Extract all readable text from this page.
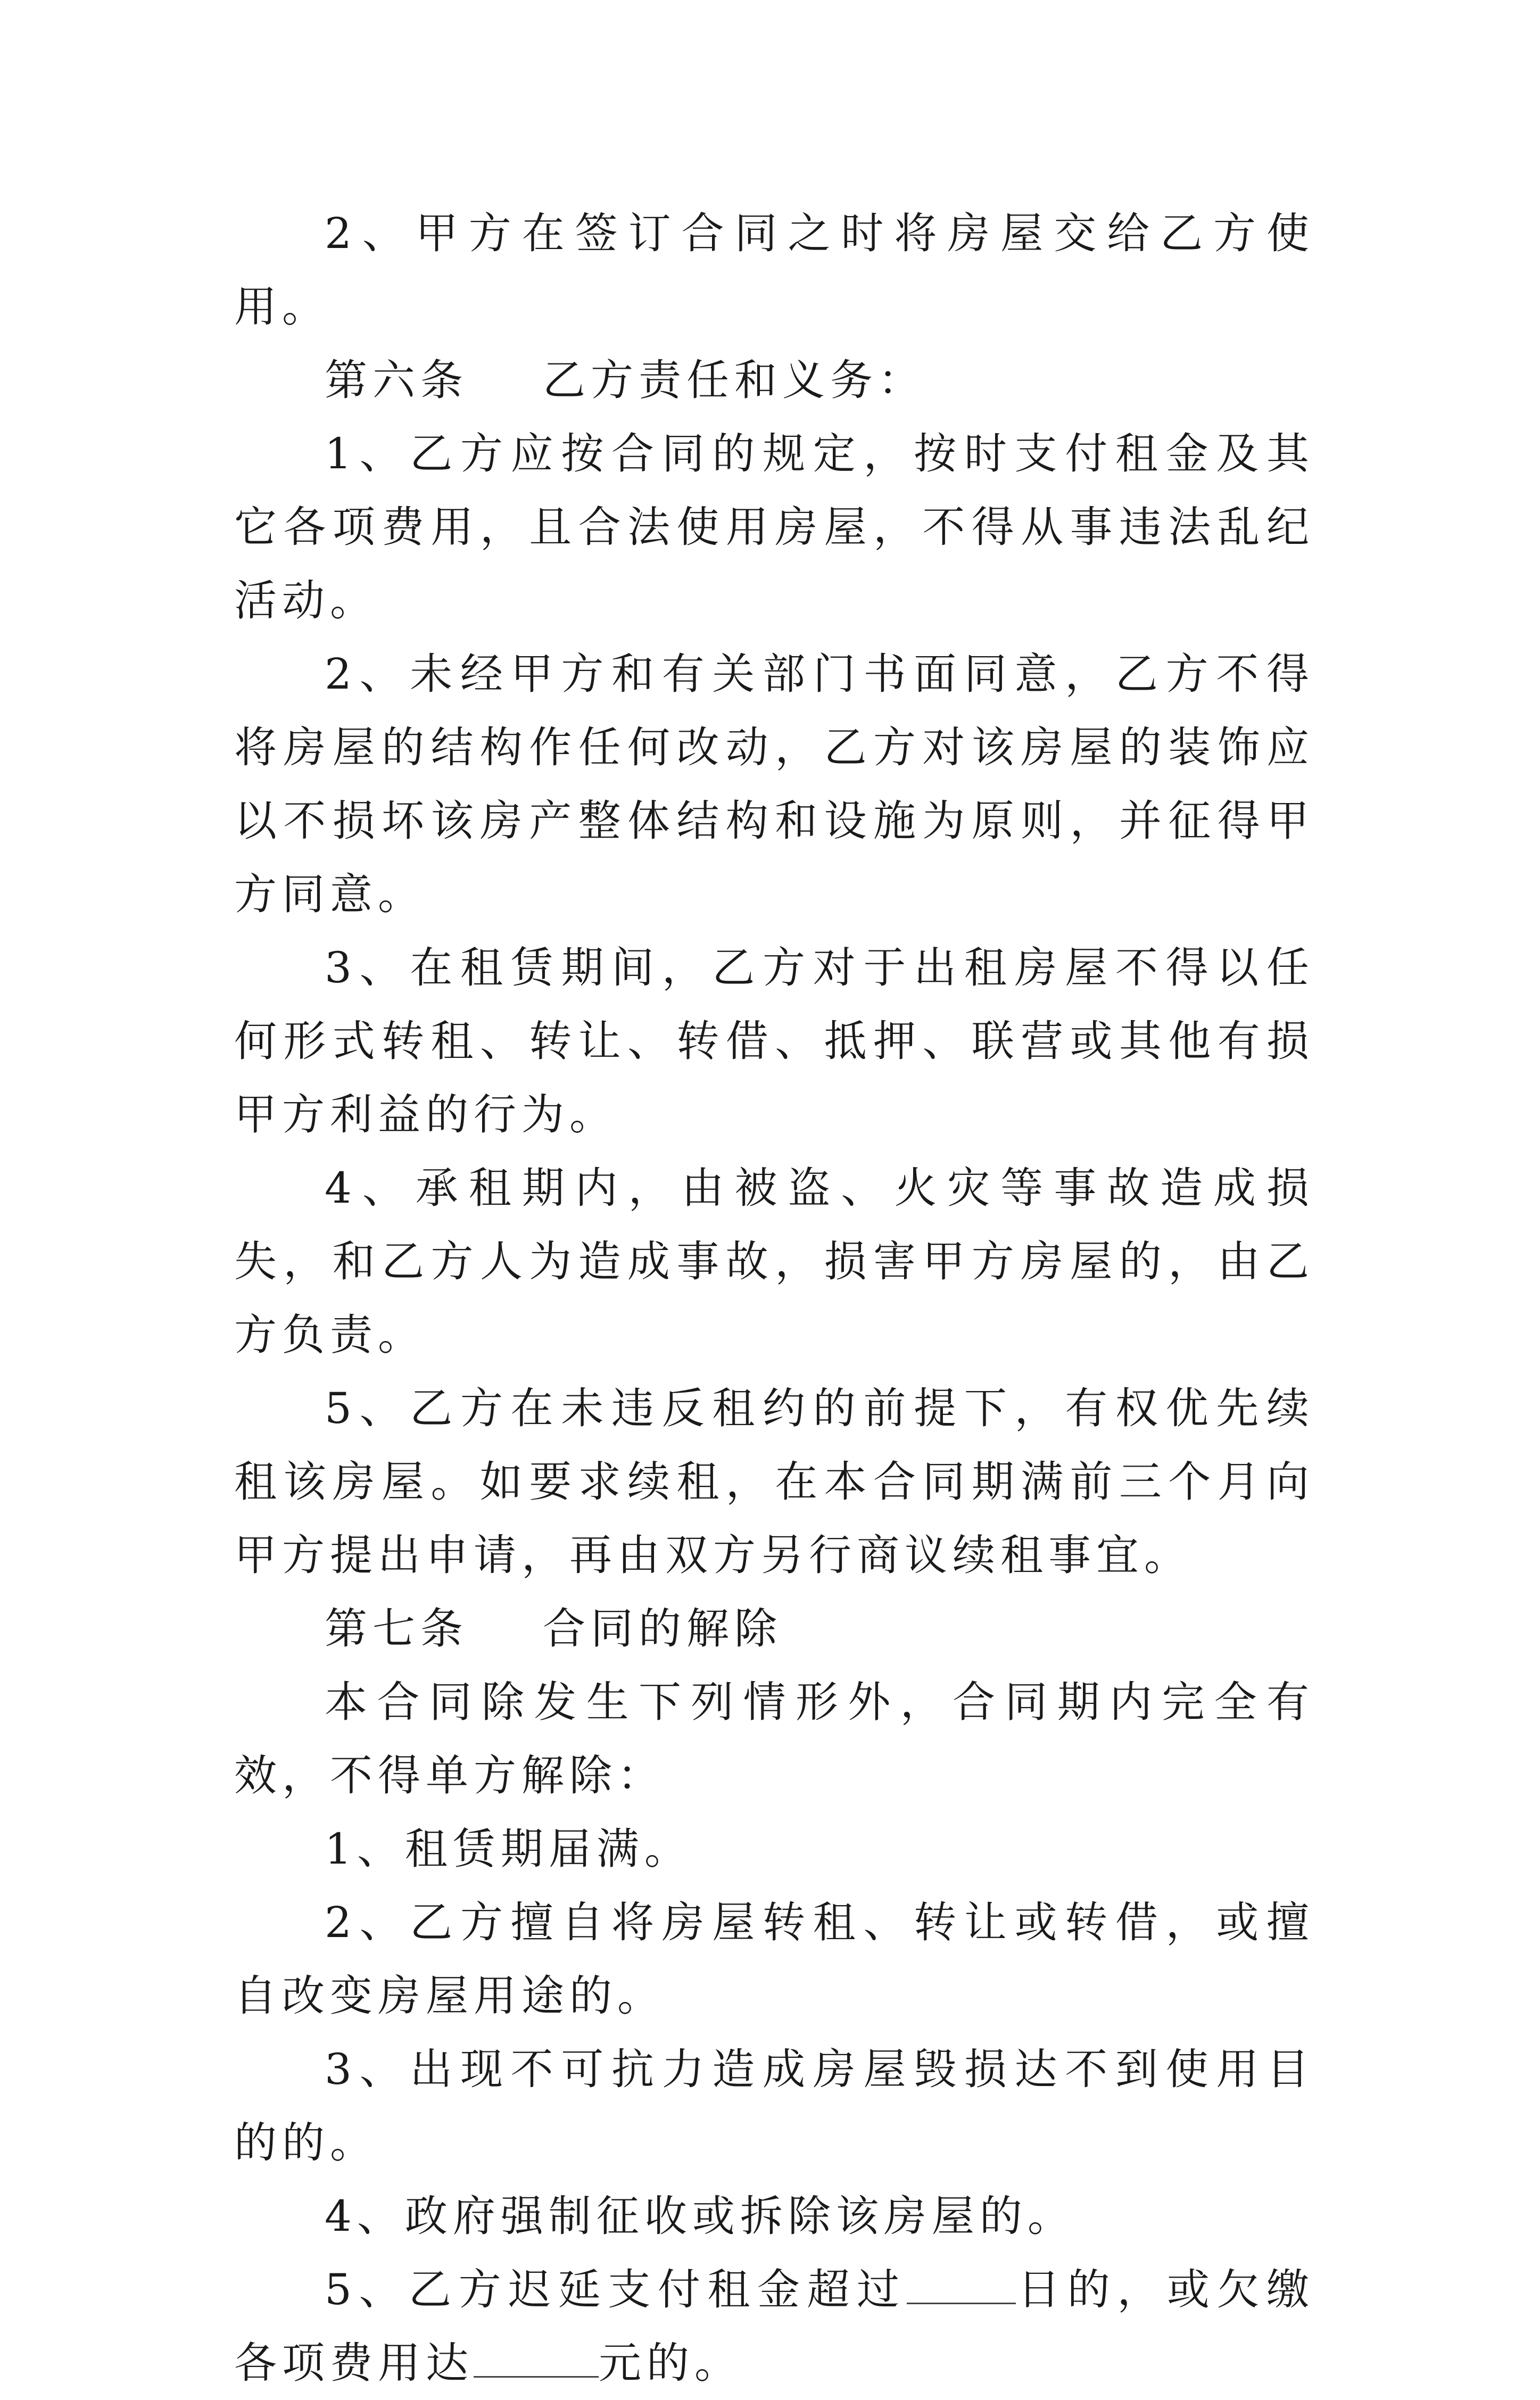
2、甲方在签订合同之时将房屋交给乙方使用。

第六条 乙方责任和义务：

1、乙方应按合同的规定，按时支付租金及其它各项费用，且合法使用房屋，不得从事违法乱纪活动。

2、未经甲方和有关部门书面同意，乙方不得将房屋的结构作任何改动，乙方对该房屋的装饰应以不损坏该房产整体结构和设施为原则，并征得甲方同意。

3、在租赁期间，乙方对于出租房屋不得以任何形式转租、转让、转借、抵押、联营或其他有损甲方利益的行为。

4、承租期内，由被盗、火灾等事故造成损失，和乙方人为造成事故，损害甲方房屋的，由乙方负责。

5、乙方在未违反租约的前提下，有权优先续租该房屋。如要求续租，在本合同期满前三个月向甲方提出申请，再由双方另行商议续租事宜。

第七条 合同的解除

本合同除发生下列情形外，合同期内完全有效，不得单方解除：

1、租赁期届满。

2、乙方擅自将房屋转租、转让或转借，或擅自改变房屋用途的。

3、出现不可抗力造成房屋毁损达不到使用目的的。

4、政府强制征收或拆除该房屋的。

5、乙方迟延支付租金超过	日的，或欠缴各项费用达	元的。
